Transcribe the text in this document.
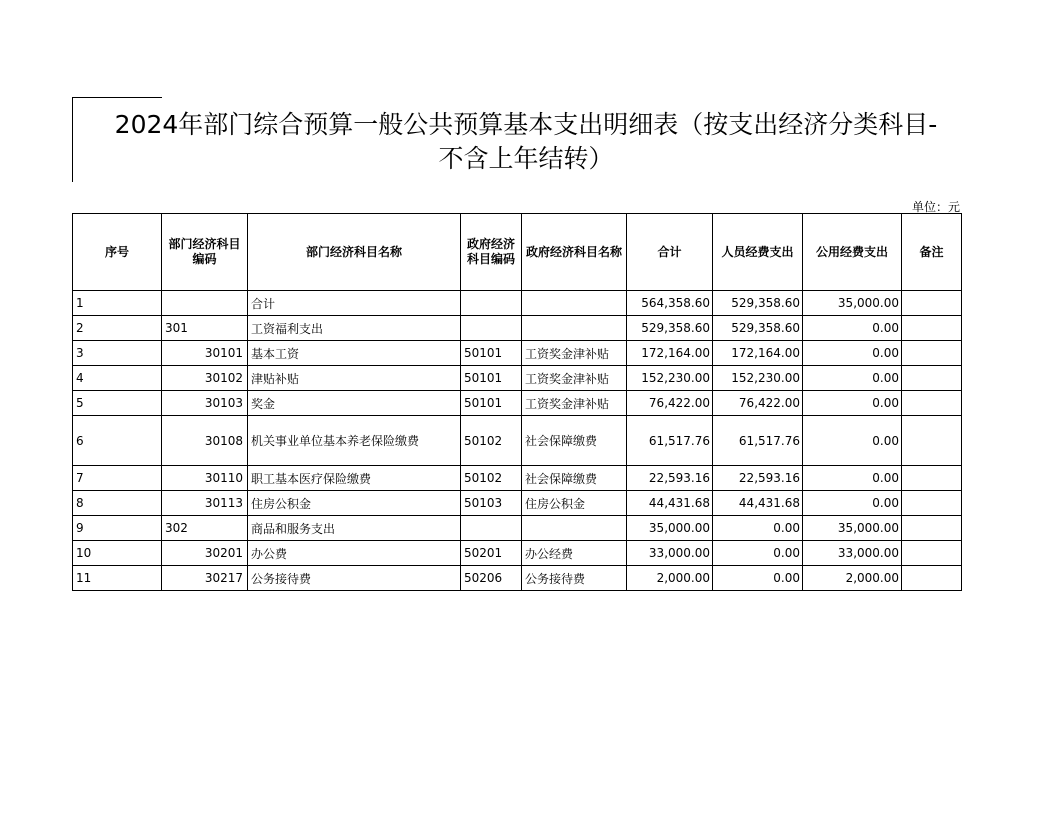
2024年部门综合预算一般公共预算基本支出明细表（按支出经济分类科目-
不含上年结转）
单位：元
序号	部门经济科目编码	部门经济科目名称	政府经济科目编码	政府经济科目名称	合计	人员经费支出	公用经费支出	备注
1		合计			564,358.60	529,358.60	35,000.00	
2	301	工资福利支出			529,358.60	529,358.60	0.00	
3	30101	基本工资	50101	工资奖金津补贴	172,164.00	172,164.00	0.00	
4	30102	津贴补贴	50101	工资奖金津补贴	152,230.00	152,230.00	0.00	
5	30103	奖金	50101	工资奖金津补贴	76,422.00	76,422.00	0.00	
6	30108	机关事业单位基本养老保险缴费	50102	社会保障缴费	61,517.76	61,517.76	0.00	
7	30110	职工基本医疗保险缴费	50102	社会保障缴费	22,593.16	22,593.16	0.00	
8	30113	住房公积金	50103	住房公积金	44,431.68	44,431.68	0.00	
9	302	商品和服务支出			35,000.00	0.00	35,000.00	
10	30201	办公费	50201	办公经费	33,000.00	0.00	33,000.00	
11	30217	公务接待费	50206	公务接待费	2,000.00	0.00	2,000.00	
